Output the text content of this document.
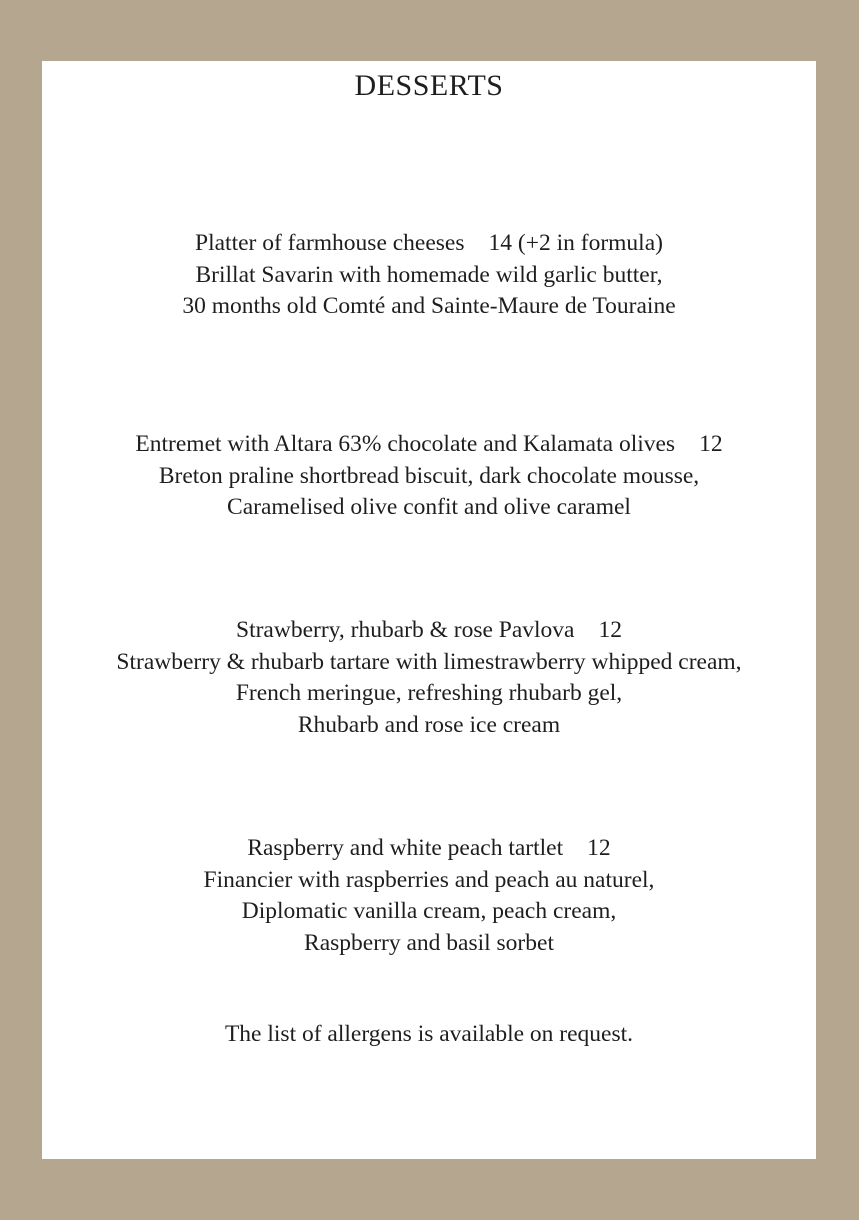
DESSERTS
Platter of farmhouse cheeses 14 (+2 in formula)
Brillat Savarin with homemade wild garlic butter,
30 months old Comté and Sainte-Maure de Touraine
Entremet with Altara 63% chocolate and Kalamata olives 12
Breton praline shortbread biscuit, dark chocolate mousse,
Caramelised olive confit and olive caramel
Strawberry, rhubarb & rose Pavlova 12
Strawberry & rhubarb tartare with limestrawberry whipped cream,
French meringue, refreshing rhubarb gel,
Rhubarb and rose ice cream
Raspberry and white peach tartlet 12
Financier with raspberries and peach au naturel,
Diplomatic vanilla cream, peach cream,
Raspberry and basil sorbet
The list of allergens is available on request.
